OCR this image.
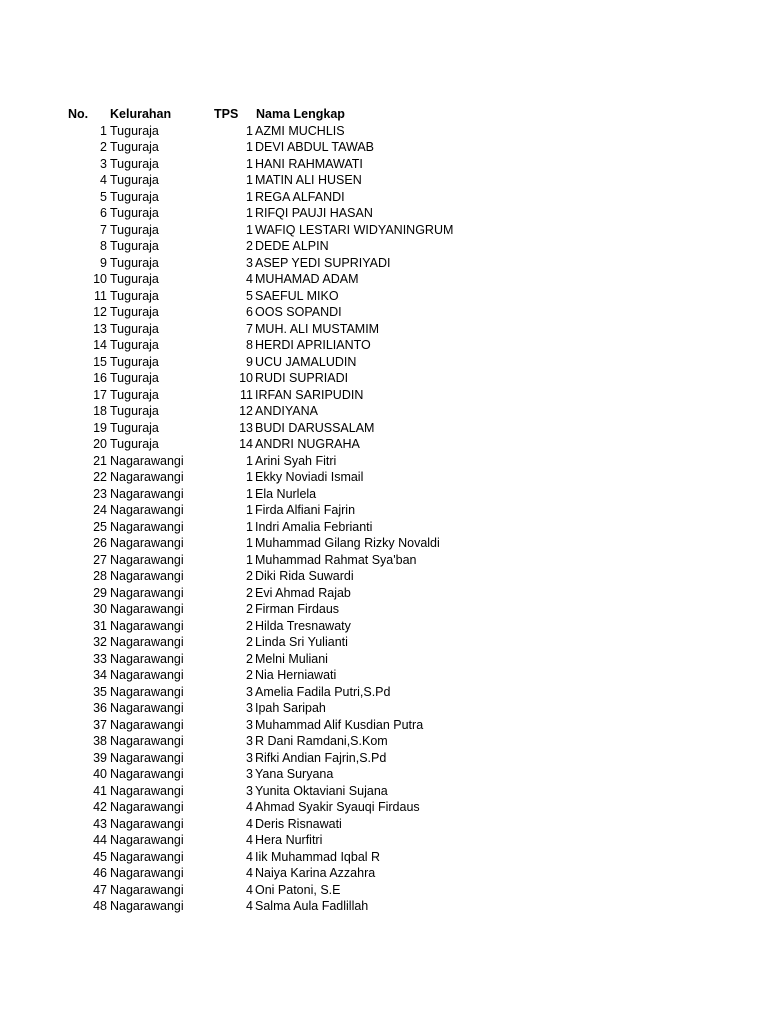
No. Kelurahan	TPS Nama Lengkap
1 Tuguraja	1 AZMI MUCHLIS
2 Tuguraja	1 DEVI ABDUL TAWAB
3 Tuguraja	1 HANI RAHMAWATI
4 Tuguraja	1 MATIN ALI HUSEN
5 Tuguraja	1 REGA ALFANDI
6 Tuguraja	1 RIFQI PAUJI HASAN
7 Tuguraja	1 WAFIQ LESTARI WIDYANINGRUM
8 Tuguraja	2 DEDE ALPIN
9 Tuguraja	3 ASEP YEDI SUPRIYADI
10 Tuguraja	4 MUHAMAD ADAM
11 Tuguraja	5 SAEFUL MIKO
12 Tuguraja	6 OOS SOPANDI
13 Tuguraja	7 MUH. ALI MUSTAMIM
14 Tuguraja	8 HERDI APRILIANTO
15 Tuguraja	9 UCU JAMALUDIN
16 Tuguraja	10 RUDI SUPRIADI
17 Tuguraja	11 IRFAN SARIPUDIN
18 Tuguraja	12 ANDIYANA
19 Tuguraja	13 BUDI DARUSSALAM
20 Tuguraja	14 ANDRI NUGRAHA
21 Nagarawangi	1 Arini Syah Fitri
22 Nagarawangi	1 Ekky Noviadi Ismail
23 Nagarawangi	1 Ela Nurlela
24 Nagarawangi	1 Firda Alfiani Fajrin
25 Nagarawangi	1 Indri Amalia Febrianti
26 Nagarawangi	1 Muhammad Gilang Rizky Novaldi
27 Nagarawangi	1 Muhammad Rahmat Sya'ban
28 Nagarawangi	2 Diki Rida Suwardi
29 Nagarawangi	2 Evi Ahmad Rajab
30 Nagarawangi	2 Firman Firdaus
31 Nagarawangi	2 Hilda Tresnawaty
32 Nagarawangi	2 Linda Sri Yulianti
33 Nagarawangi	2 Melni Muliani
34 Nagarawangi	2 Nia Herniawati
35 Nagarawangi	3 Amelia Fadila Putri,S.Pd
36 Nagarawangi	3 Ipah Saripah
37 Nagarawangi	3 Muhammad Alif Kusdian Putra
38 Nagarawangi	3 R Dani Ramdani,S.Kom
39 Nagarawangi	3 Rifki Andian Fajrin,S.Pd
40 Nagarawangi	3 Yana Suryana
41 Nagarawangi	3 Yunita Oktaviani Sujana
42 Nagarawangi	4 Ahmad Syakir Syauqi Firdaus
43 Nagarawangi	4 Deris Risnawati
44 Nagarawangi	4 Hera Nurfitri
45 Nagarawangi	4 Iik Muhammad Iqbal R
46 Nagarawangi	4 Naiya Karina Azzahra
47 Nagarawangi	4 Oni Patoni, S.E
48 Nagarawangi	4 Salma Aula Fadlillah
